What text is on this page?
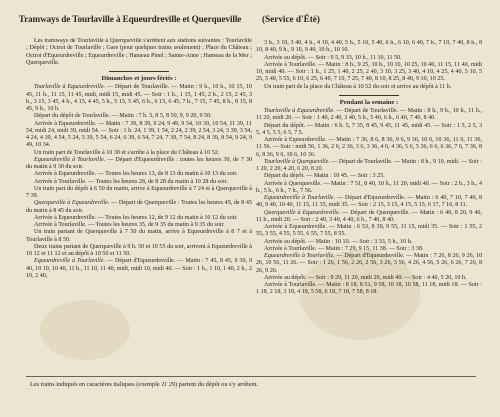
Tramways de Tourlaville à Equeurdreville et Querqueville	(Service d'Été)

Les tramways de Tourlaville à Querqueville s'arrêtent aux stations suivantes : Tourlaville ; Dépôt ; Octroi de Tourlaville ; Gare (pour quelques trains seulement) ; Place du Château ; Octroi d'Equeurdreville ; Equeurdreville ; Hameau Pinel ; Sainte-Anne ; Hameau de la Mer ; Querqueville.

Dimanches et jours fériés :

Tourlaville à Equeurdreville. — Départ de Tourlaville. — Matin : 9 h., 10 h., 10 15, 10 45, 11 h., 11 15, 11 45, midi, midi 15, midi 45. — Soir : 1 h., 1 15, 1 45, 2 h., 2 15, 2 45, 3 h., 3 15, 3 45, 4 h., 4 15, 4 45, 5 h., 5 15, 5 45, 6 h., 6 15, 6 45, 7 h., 7 15, 7 45, 8 h., 8 15, 8 45, 9 h., 10 h.

Départ du dépôt de Tourlaville. — Matin : 7 h. 5, 8 5, 8 50, 9, 9 20, 9 50.

Arrivée à Equeurdreville. — Matin : 7 39, 8 39, 9 24, 9 49, 9 54, 10 39, 10 54, 11 39, 11 54, midi 24, midi 39, midi 54. — Soir : 1 h. 24, 1 39, 1 54, 2 24, 2 39, 2 54, 3 24, 3 39, 3 54, 4 24, 4 39, 4 54, 5 24, 5 39, 5 54, 6 24, 6 39, 6 54, 7 24, 7 39, 7 54, 8 24, 8 39, 8 54, 9 24, 9 49, 10 34.

Un train part de Tourlaville à 10 30 et s'arrête à la place du Château à 10 52.

Equeurdreville à Tourlaville. — Départ d'Equeurdreville : toutes les heures 30, de 7 30 du matin à 9 30 du soir.

Arrivée à Equeurdreville. — Toutes les heures 13, de 8 13 du matin à 10 13 du soir.

Arrivée à Tourlaville. — Toutes les heures 28, de 8 28 du matin à 10 28 du soir.

Un train part du dépôt à 6 50 du matin, arrive à Equeurdreville à 7 24 et à Querqueville à 7 39.

Querqueville à Equeurdreville. — Départ de Querqueville : Toutes les heures 45, de 8 45 du matin à 8 45 du soir.

Arrivée à Equeurdreville. — Toutes les heures 12, de 9 12 du matin à 10 12 du soir.

Arrivée à Tourlaville. — Toutes les heures 35, de 9 35 du matin à 9 35 du soir.

Un train partant de Querqueville à 7 50 du matin, arrive à Equeurdreville à 8 7 et à Tourlaville à 8 50.

Deux trains partant de Querqueville à 9 h. 50 et 10 55 du soir, arrivent à Equeurdreville à 10 12 et 11 12 et au dépôt à 10 50 et 11 50.

Equeurdreville à Tourlaville. — Départ d'Equeurdreville. — Matin : 7 45, 8 45, 9 30, 9 40, 10 10, 10 40, 11 h., 11 10, 11 40, midi, midi 10, midi 40. — Soir : 1 h., 1 10, 1 40, 2 h., 2 10, 2 40,

3 h., 3 10, 3 40, 4 h., 4 10, 4 40, 5 h., 5 10, 5 40, 6 h., 6 10, 6 40, 7 h., 7 10, 7 40, 8 h., 8 10, 8 40, 9 h., 9 10, 9 40, 10 h., 10 10.

Arrivée au dépôt. — Soir : 9 5, 9 33, 10 h., 11 10, 11 50.

Arrivée à Tourlaville. — Matin : 8 h., 9 25, 10 h., 10 10, 10 25, 10 40, 11 15, 11 40, midi 10, midi 40. — Soir : 1 h., 1 25, 1 40, 2 25, 2 40, 3 10, 3 25, 3 40, 4 10, 4 25, 4 40, 5 10, 5 25, 5 40, 5 55, 6 10, 6 25, 6 40, 7 10, 7 25, 7 40, 8 10, 8 25, 8 40, 9 10, 10 25.

Un train part de la place du Château à 10 52 du soir et arrive au dépôt à 11 h.

Pendant la semaine :

Tourlaville à Equeurdreville. — Départ de Tourlaville. — Matin : 8 h., 9 h., 10 h., 11 h., 11 20, midi 20. — Soir : 1 40, 2 40, 3 40, 5 h., 5 40, 6 h., 6 40, 7 40, 8 40.

Départ du dépôt. — Matin : 6 h. 5, 7 35, 8 45, 9 45, 11 45, midi 45. — Soir : 1 5, 2 5, 3 5, 4 5, 5 5, 6 5, 7 5.

Arrivée à Equeurdreville. — Matin : 7 36, 8 6, 8 36, 9 6, 9 36, 10 6, 10 36, 11 6, 11 36, 11 56. — Soir : midi 56, 1 36, 2 6, 2 36, 3 6, 3 36, 4 6, 4 36, 5 6, 5 36, 6 6, 6 36, 7 6, 7 36, 8 6, 8 36, 9 6, 10 6, 10 36.

Tourlaville à Querqueville. — Départ de Tourlaville. — Matin : 8 h., 9 10, midi. — Soir : 1 20, 2 20, 4 20, 6 20, 8 20.

Départ du dépôt. — Matin : 10 45. — Soir : 3 25.

Arrivée à Querqueville. — Matin : 7 51, 8 40, 10 h., 11 20, midi 40. — Soir : 2 h., 3 h., 4 h., 5 h., 6 h., 7 h., 7 56.

Equeurdreville à Tourlaville. — Départ d'Equeurdreville. — Matin : 6 40, 7 10, 7 40, 8 40, 9 40, 10 40, 11 15, 11 35, midi 35. — Soir : 2 15, 3 15, 4 15, 5 15, 6 17, 7 16, 8 11.

Querqueville à Equeurdreville. — Départ de Querqueville. — Matin : 6 40, 8 20, 9 40, 11 h., midi 20. — Soir : 2 40, 3 40, 4 40, 6 h., 7 40, 8 40.

Arrivée à Equeurdreville. — Matin : 6 53, 8 39, 9 55, 11 15, midi 35. — Soir : 1 55, 2 55, 3 55, 4 55, 5 55, 6 55, 7 55, 8 55.

Arrivée au dépôt. — Matin : 10 10. — Soir : 3 33, 5 h., 10 h.

Arrivée à Tourlaville. — Matin : 7 29, 9 15, 11 38. — Soir : 3 38.

Equeurdreville à Tourlaville. — Départ d'Equeurdreville. — Matin : 7 26, 8 26, 9 26, 10 26, 10 56, 11 26. — Soir : 1 26, 1 56, 2 26, 2 56, 3 26, 3 56, 4 26, 4 56, 5 26, 6 26, 7 26, 8 26, 9 26.

Arrivée au dépôt. — Soir : 9 29, 11 20, midi 29, midi 49. — Soir : 4 40, 5 20, 10 h.

Arrivée à Tourlaville. — Matin : 8 18, 8 51, 9 58, 10 18, 10 58, 11 18, midi 18. — Soir : 1 18, 2 18, 3 18, 4 18, 5 58, 6 18, 7 18, 7 58, 8 18.

Les trains indiqués en caractères italiques (exemple 11 29) partent du dépôt ou s'y arrêtent.
